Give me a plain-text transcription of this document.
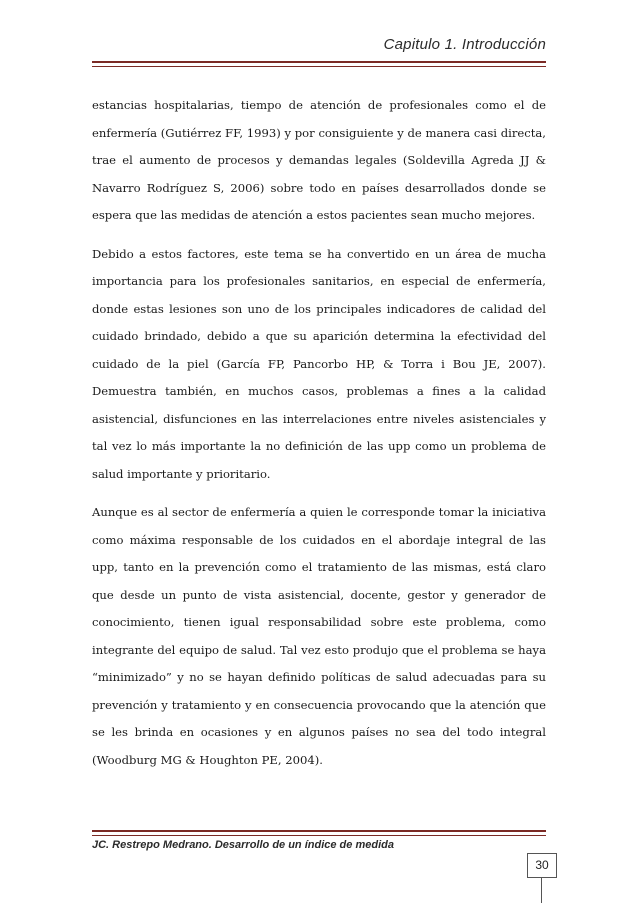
Capitulo 1. Introducción

estancias hospitalarias, tiempo de atención de profesionales como el de enfermería (Gutiérrez FF, 1993) y por consiguiente y de manera casi directa, trae el aumento de procesos y demandas legales (Soldevilla Agreda JJ & Navarro Rodríguez S, 2006) sobre todo en países desarrollados donde se espera que las medidas de atención a estos pacientes sean mucho mejores.

Debido a estos factores, este tema se ha convertido en un área de mucha importancia para los profesionales sanitarios, en especial de enfermería, donde estas lesiones son uno de los principales indicadores de calidad del cuidado brindado, debido a que su aparición determina la efectividad del cuidado de la piel (García FP, Pancorbo HP, & Torra i Bou JE, 2007). Demuestra también, en muchos casos, problemas a fines a la calidad asistencial, disfunciones en las interrelaciones entre niveles asistenciales y tal vez lo más importante la no definición de las upp como un problema de salud importante y prioritario.

Aunque es al sector de enfermería a quien le corresponde tomar la iniciativa como máxima responsable de los cuidados en el abordaje integral de las upp, tanto en la prevención como el tratamiento de las mismas, está claro que desde un punto de vista asistencial, docente, gestor y generador de conocimiento, tienen igual responsabilidad sobre este problema, como integrante del equipo de salud. Tal vez esto produjo que el problema se haya “minimizado” y no se hayan definido políticas de salud adecuadas para su prevención y tratamiento y en consecuencia provocando que la atención que se les brinda en ocasiones y en algunos países no sea del todo integral (Woodburg MG & Houghton PE, 2004).

JC. Restrepo Medrano. Desarrollo de un índice de medida
30
